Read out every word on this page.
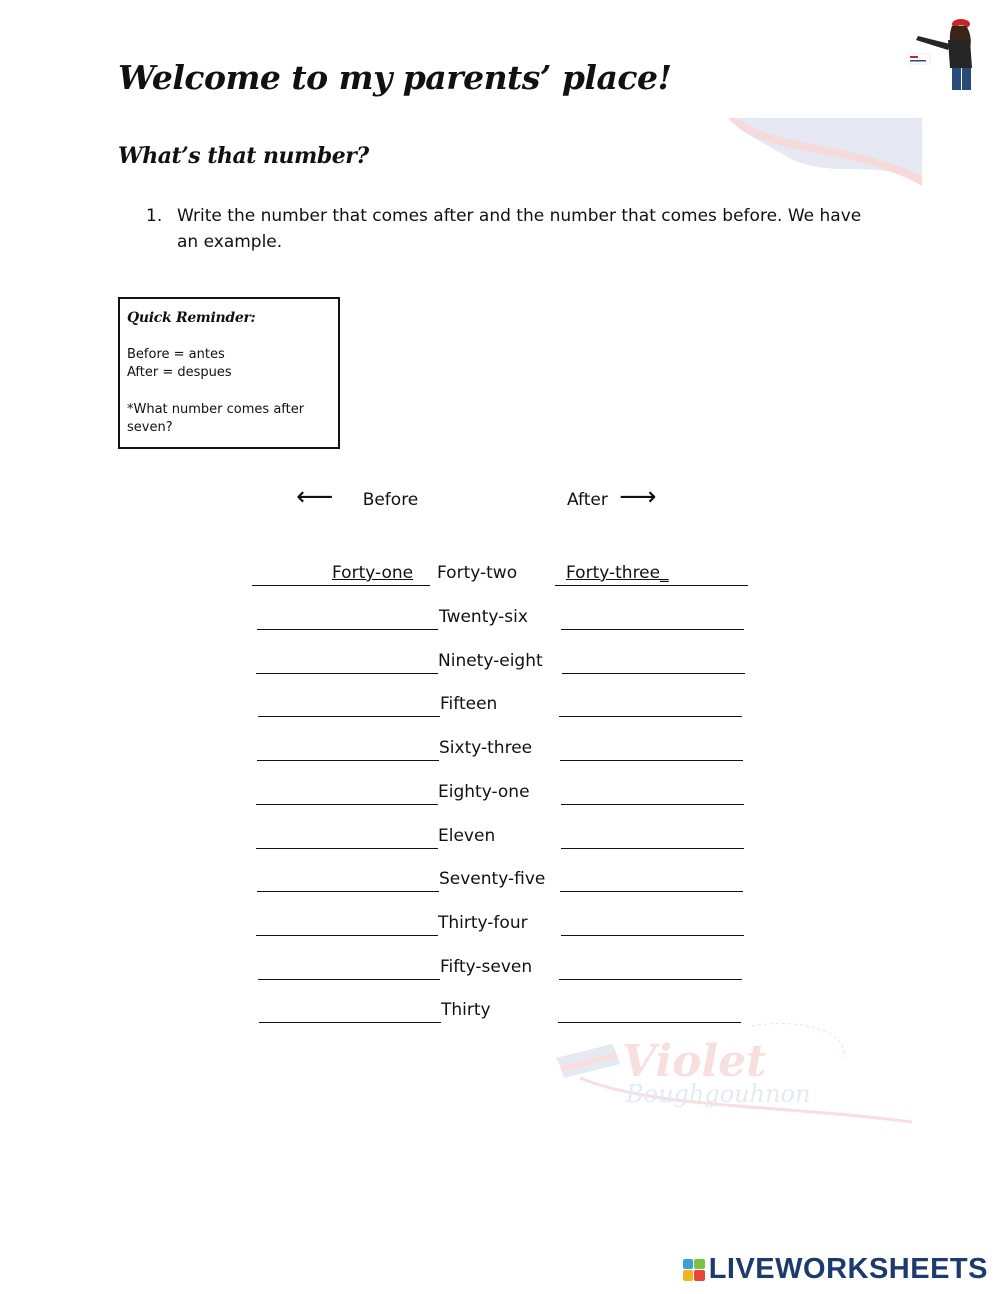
Welcome to my parents’ place!
What’s that number?
1. Write the number that comes after and the number that comes before. We have an example.
Quick Reminder:
Before = antes
After = despues
*What number comes after seven?
⟵ Before	After ⟶
Forty-one Forty-two	Forty-three_
Twenty-six
Ninety-eight
Fifteen
Sixty-three
Eighty-one
Eleven
Seventy-five
Thirty-four
Fifty-seven
Thirty
Violet
Boughgouhnon
LIVEWORKSHEETS
